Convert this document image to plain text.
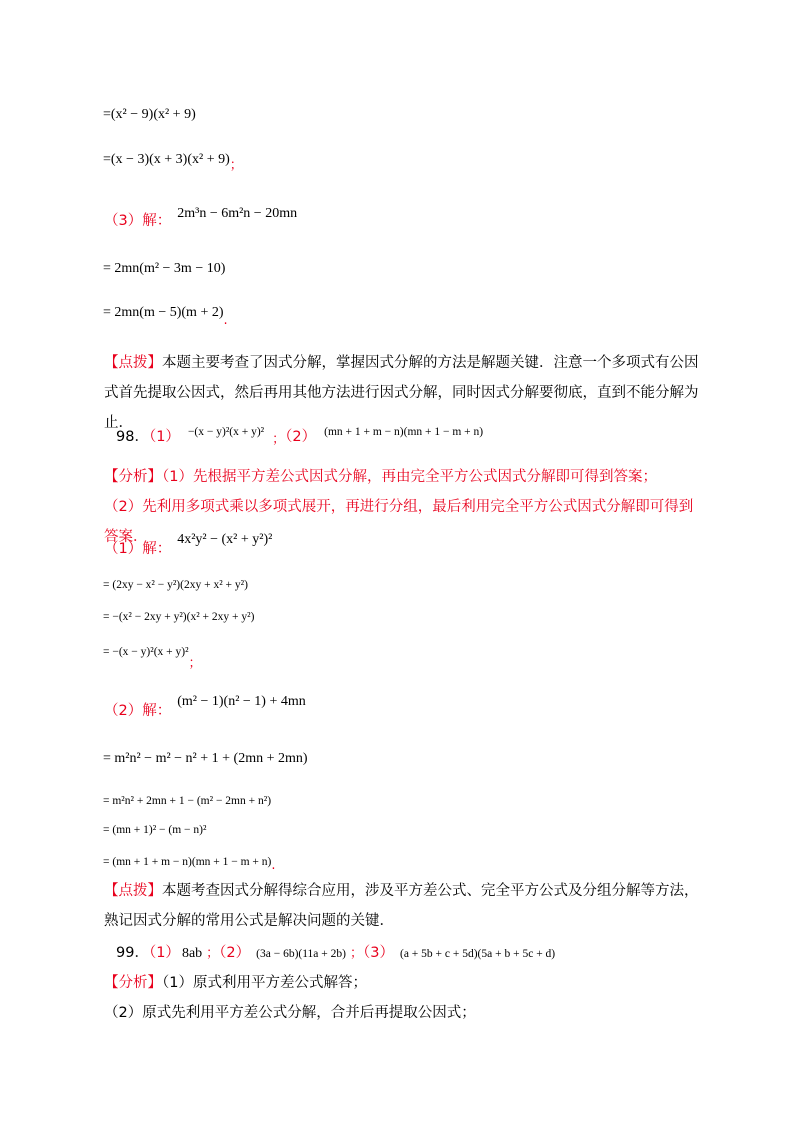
=(x² − 9)(x² + 9)
$=(x - 3)(x + 3)(x^2 + 9)_;$
（3）解： 2m³n − 6m²n − 20mn
= 2mn(m² − 3m − 10)
= $2mn(m - 5)(m + 2)_.$
【点拨】本题主要考查了因式分解，掌握因式分解的方法是解题关键．注意一个多项式有公因式首先提取公因式，然后再用其他方法进行因式分解，同时因式分解要彻底，直到不能分解为止．
98．（1） −(x − y)²(x + y)² $_;$（2） (mn + 1 + m − n)(mn + 1 − m + n)
【分析】（1）先根据平方差公式因式分解，再由完全平方公式因式分解即可得到答案；
（2）先利用多项式乘以多项式展开，再进行分组，最后利用完全平方公式因式分解即可得到答案．
（1）解：4x²y² − (x² + y²)²
= (2xy − x² − y²)(2xy + x² + y²)
= −(x² − 2xy + y²)(x² + 2xy + y²)
= $-(x - y)^2(x + y)^2_;$
（2）解：(m² − 1)(n² − 1) + 4mn
= m²n² − m² − n² + 1 + (2mn + 2mn)
= m²n² + 2mn + 1 − (m² − 2mn + n²)
= (mn + 1)² − (m − n)²
= $(mn + 1 + m - n)(mn + 1 - m + n)_.$
【点拨】本题考查因式分解得综合应用，涉及平方差公式、完全平方公式及分组分解等方法，熟记因式分解的常用公式是解决问题的关键．
99．（1） 8ab ；（2） (3a − 6b)(11a + 2b) ；（3） (a + 5b + c + 5d)(5a + b + 5c + d)
【分析】（1）原式利用平方差公式解答；
（2）原式先利用平方差公式分解，合并后再提取公因式；
